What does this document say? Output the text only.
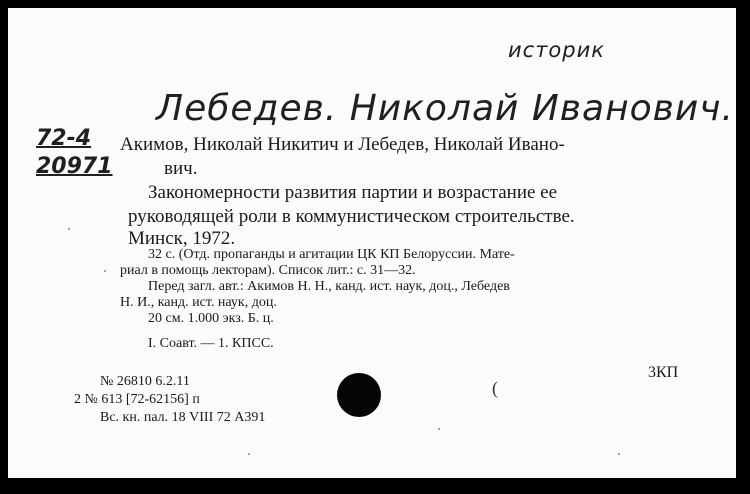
историк
Лебедев. Николай Иванович.
72-4
20971
Акимов, Николай Никитич и Лебедев, Николай Ивано-
вич.
Закономерности развития партии и возрастание ее
руководящей роли в коммунистическом строительстве.
Минск, 1972.
32 с. (Отд. пропаганды и агитации ЦК КП Белоруссии. Мате-
риал в помощь лекторам). Список лит.: с. 31—32.
Перед загл. авт.: Акимов Н. Н., канд. ист. наук, доц., Лебедев
Н. И., канд. ист. наук, доц.
20 см. 1.000 экз. Б. ц.
I. Соавт. — 1. КПСС.
3КП
№ 26810 6.2.11
2 № 613 [72-62156] п
Вс. кн. пал. 18 VIII 72 А391
(
